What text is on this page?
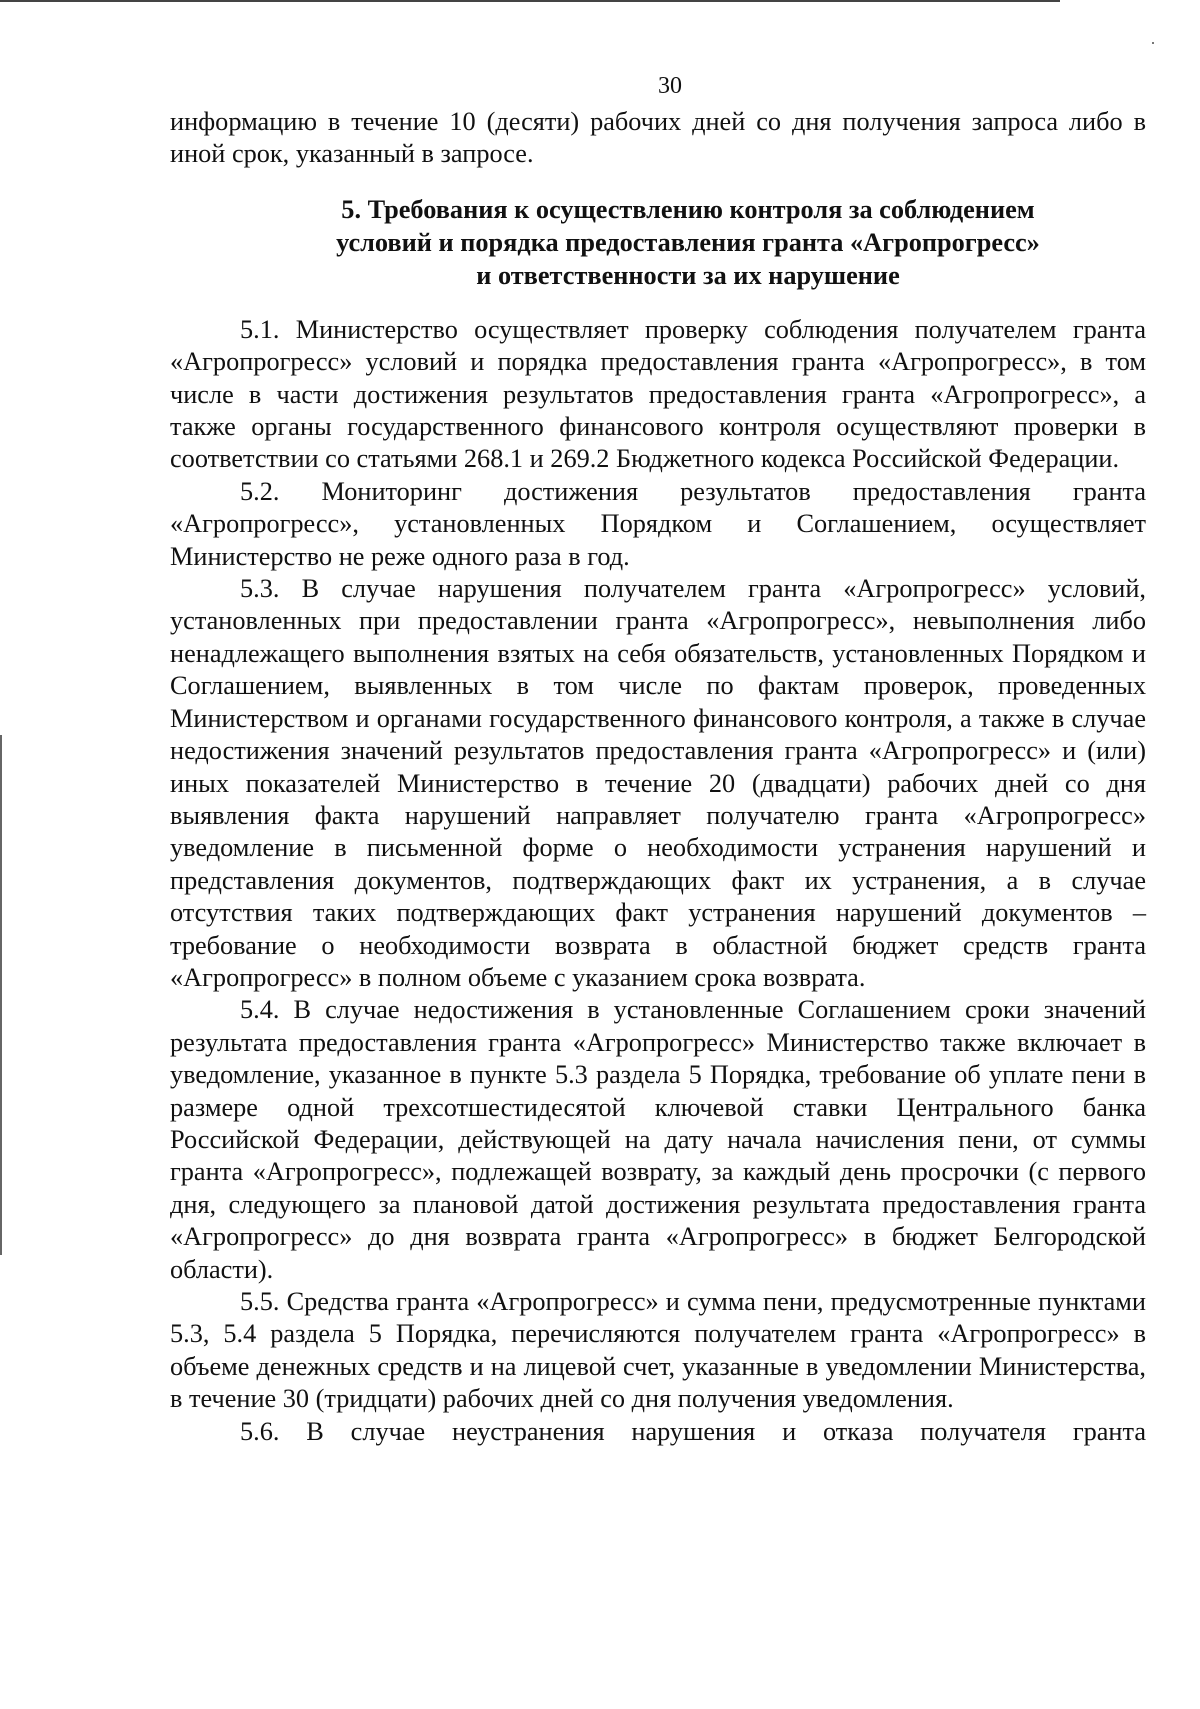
30

информацию в течение 10 (десяти) рабочих дней со дня получения запроса либо в иной срок, указанный в запросе.

5. Требования к осуществлению контроля за соблюдением
условий и порядка предоставления гранта «Агропрогресс»
и ответственности за их нарушение

5.1. Министерство осуществляет проверку соблюдения получателем гранта «Агропрогресс» условий и порядка предоставления гранта «Агропрогресс», в том числе в части достижения результатов предоставления гранта «Агропрогресс», а также органы государственного финансового контроля осуществляют проверки в соответствии со статьями 268.1 и 269.2 Бюджетного кодекса Российской Федерации.

5.2. Мониторинг достижения результатов предоставления гранта «Агропрогресс», установленных Порядком и Соглашением, осуществляет Министерство не реже одного раза в год.

5.3. В случае нарушения получателем гранта «Агропрогресс» условий, установленных при предоставлении гранта «Агропрогресс», невыполнения либо ненадлежащего выполнения взятых на себя обязательств, установленных Порядком и Соглашением, выявленных в том числе по фактам проверок, проведенных Министерством и органами государственного финансового контроля, а также в случае недостижения значений результатов предоставления гранта «Агропрогресс» и (или) иных показателей Министерство в течение 20 (двадцати) рабочих дней со дня выявления факта нарушений направляет получателю гранта «Агропрогресс» уведомление в письменной форме о необходимости устранения нарушений и представления документов, подтверждающих факт их устранения, а в случае отсутствия таких подтверждающих факт устранения нарушений документов – требование о необходимости возврата в областной бюджет средств гранта «Агропрогресс» в полном объеме с указанием срока возврата.

5.4. В случае недостижения в установленные Соглашением сроки значений результата предоставления гранта «Агропрогресс» Министерство также включает в уведомление, указанное в пункте 5.3 раздела 5 Порядка, требование об уплате пени в размере одной трехсотшестидесятой ключевой ставки Центрального банка Российской Федерации, действующей на дату начала начисления пени, от суммы гранта «Агропрогресс», подлежащей возврату, за каждый день просрочки (с первого дня, следующего за плановой датой достижения результата предоставления гранта «Агропрогресс» до дня возврата гранта «Агропрогресс» в бюджет Белгородской области).

5.5. Средства гранта «Агропрогресс» и сумма пени, предусмотренные пунктами 5.3, 5.4 раздела 5 Порядка, перечисляются получателем гранта «Агропрогресс» в объеме денежных средств и на лицевой счет, указанные в уведомлении Министерства, в течение 30 (тридцати) рабочих дней со дня получения уведомления.

5.6. В случае неустранения нарушения и отказа получателя гранта
